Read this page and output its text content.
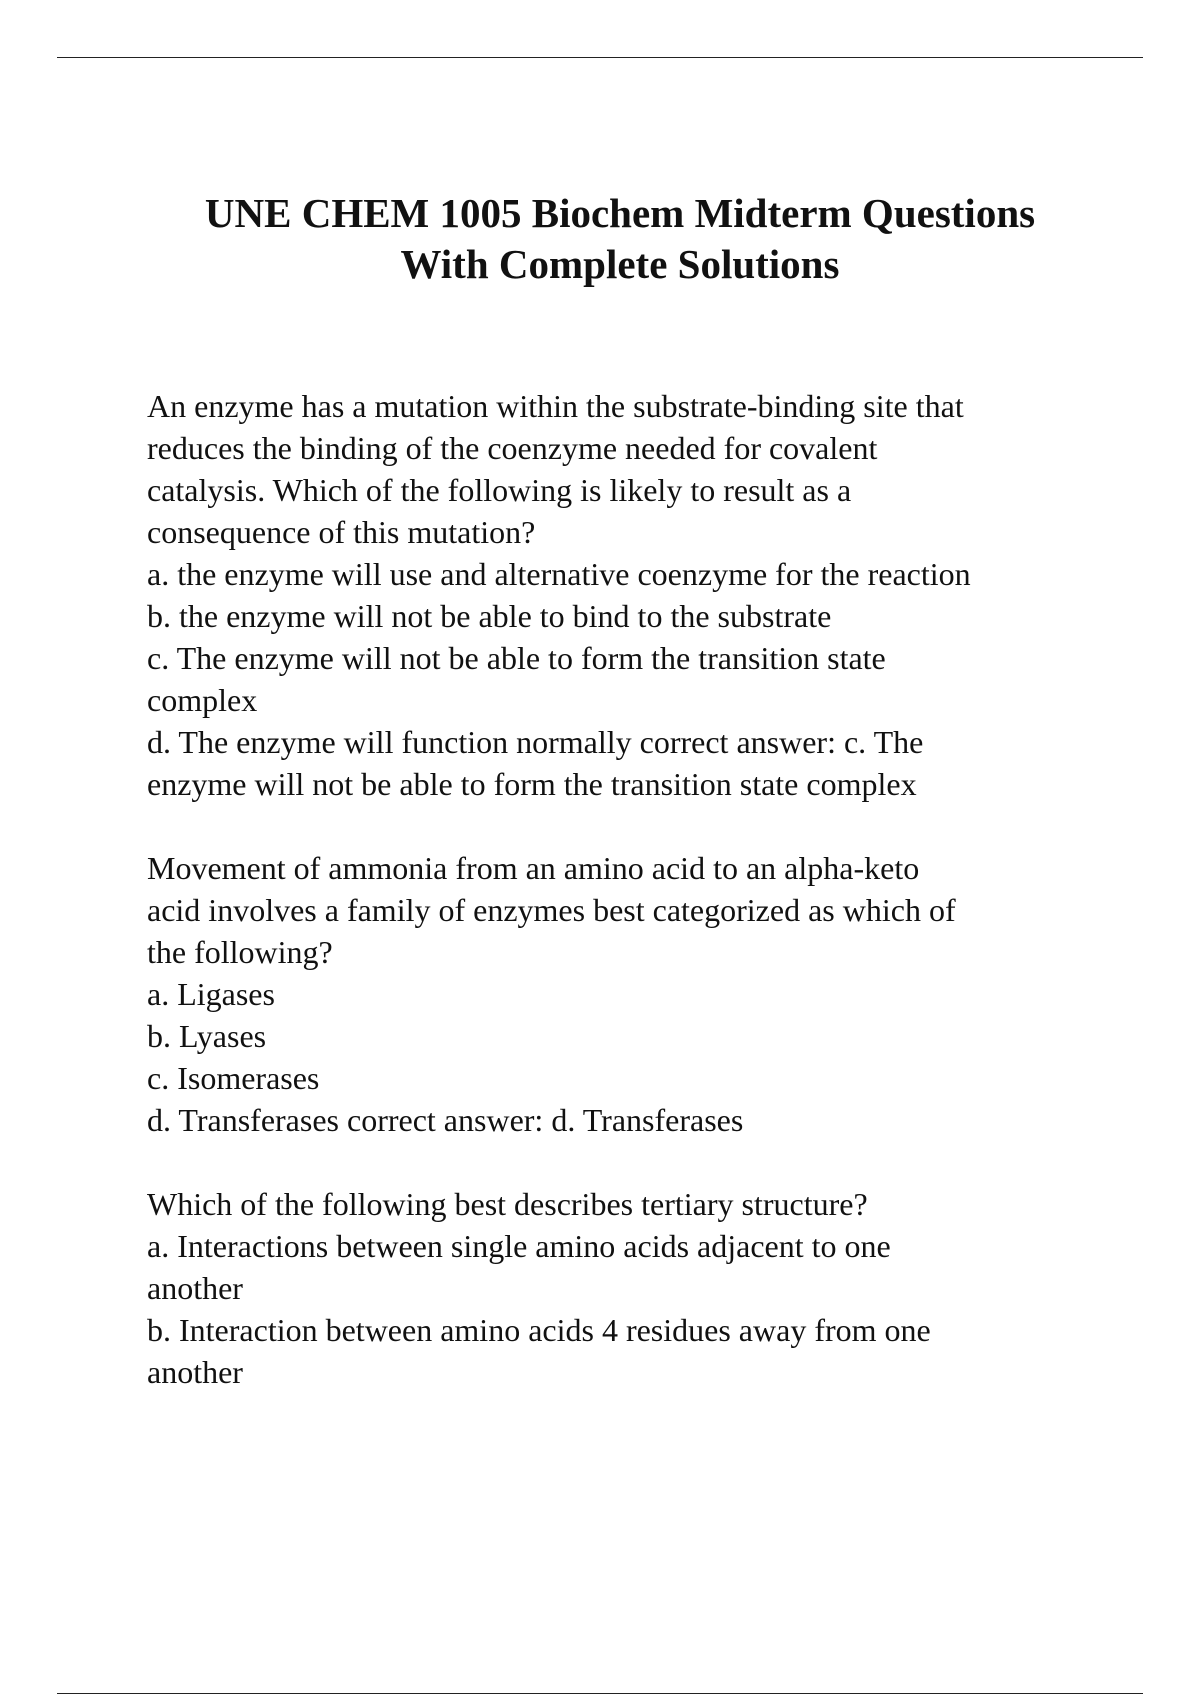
UNE CHEM 1005 Biochem Midterm Questions
With Complete Solutions
An enzyme has a mutation within the substrate-binding site that
reduces the binding of the coenzyme needed for covalent
catalysis. Which of the following is likely to result as a
consequence of this mutation?
a. the enzyme will use and alternative coenzyme for the reaction
b. the enzyme will not be able to bind to the substrate
c. The enzyme will not be able to form the transition state
complex
d. The enzyme will function normally correct answer: c. The
enzyme will not be able to form the transition state complex
Movement of ammonia from an amino acid to an alpha-keto
acid involves a family of enzymes best categorized as which of
the following?
a. Ligases
b. Lyases
c. Isomerases
d. Transferases correct answer: d. Transferases
Which of the following best describes tertiary structure?
a. Interactions between single amino acids adjacent to one
another
b. Interaction between amino acids 4 residues away from one
another
